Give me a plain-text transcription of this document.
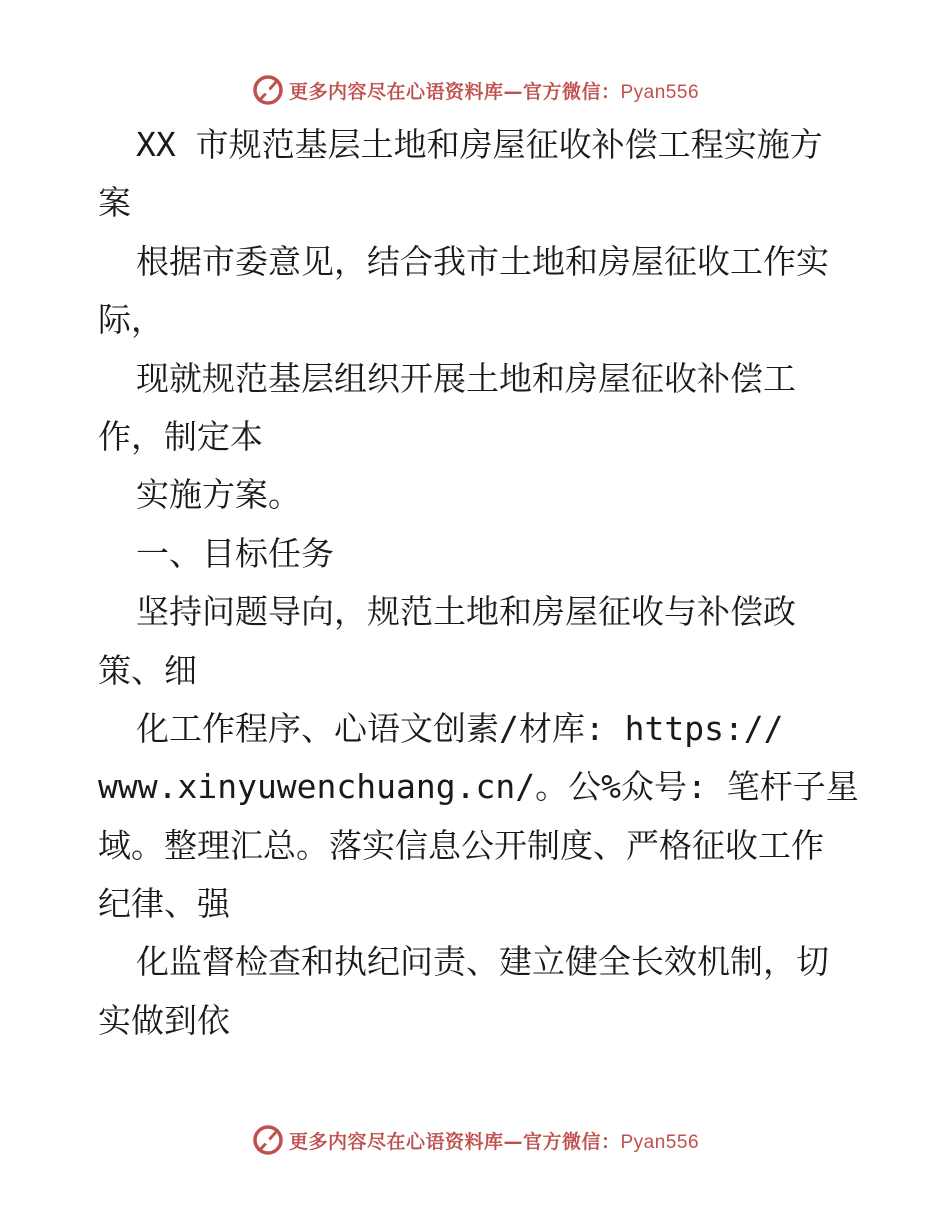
更多内容尽在心语资料库—官方微信：Pyan556
XX 市规范基层土地和房屋征收补偿工程实施方
案
根据市委意见，结合我市土地和房屋征收工作实
际，
现就规范基层组织开展土地和房屋征收补偿工
作，制定本
实施方案。
一、目标任务
坚持问题导向，规范土地和房屋征收与补偿政
策、细
化工作程序、心语文创素/材库: https://
www.xinyuwenchuang.cn/。公%众号: 笔杆子星
域。整理汇总。落实信息公开制度、严格征收工作
纪律、强
化监督检查和执纪问责、建立健全长效机制，切
实做到依
更多内容尽在心语资料库—官方微信：Pyan556
